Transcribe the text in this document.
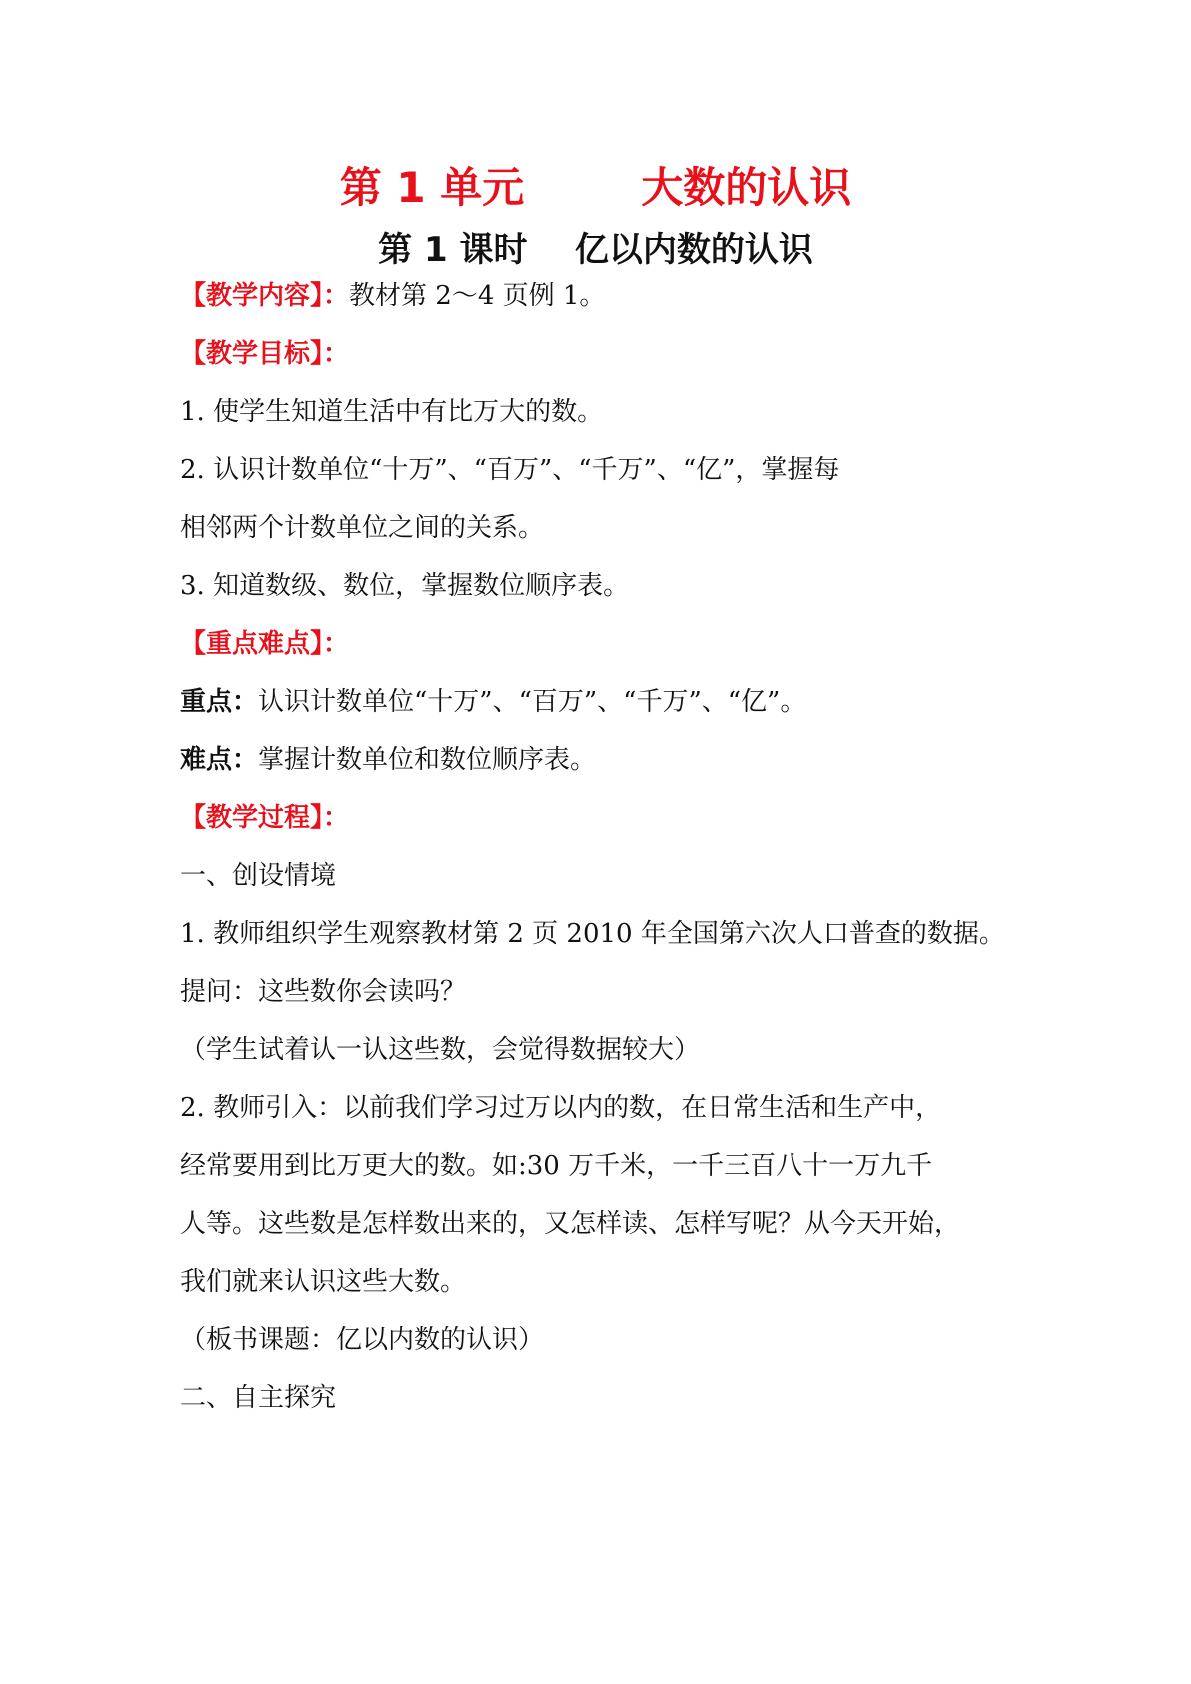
第 1 单元        大数的认识
第 1 课时    亿以内数的认识
【教学内容】：教材第 2～4 页例 1。
【教学目标】：
1. 使学生知道生活中有比万大的数。
2. 认识计数单位“十万”、“百万”、“千万”、“亿”，掌握每
相邻两个计数单位之间的关系。
3. 知道数级、数位，掌握数位顺序表。
【重点难点】：
重点：认识计数单位“十万”、“百万”、“千万”、“亿”。
难点：掌握计数单位和数位顺序表。
【教学过程】：
一、创设情境
1. 教师组织学生观察教材第 2 页 2010 年全国第六次人口普查的数据。
提问：这些数你会读吗？
（学生试着认一认这些数，会觉得数据较大）
2. 教师引入：以前我们学习过万以内的数，在日常生活和生产中，
经常要用到比万更大的数。如:30 万千米，一千三百八十一万九千
人等。这些数是怎样数出来的，又怎样读、怎样写呢？从今天开始，
我们就来认识这些大数。
（板书课题：亿以内数的认识）
二、自主探究
